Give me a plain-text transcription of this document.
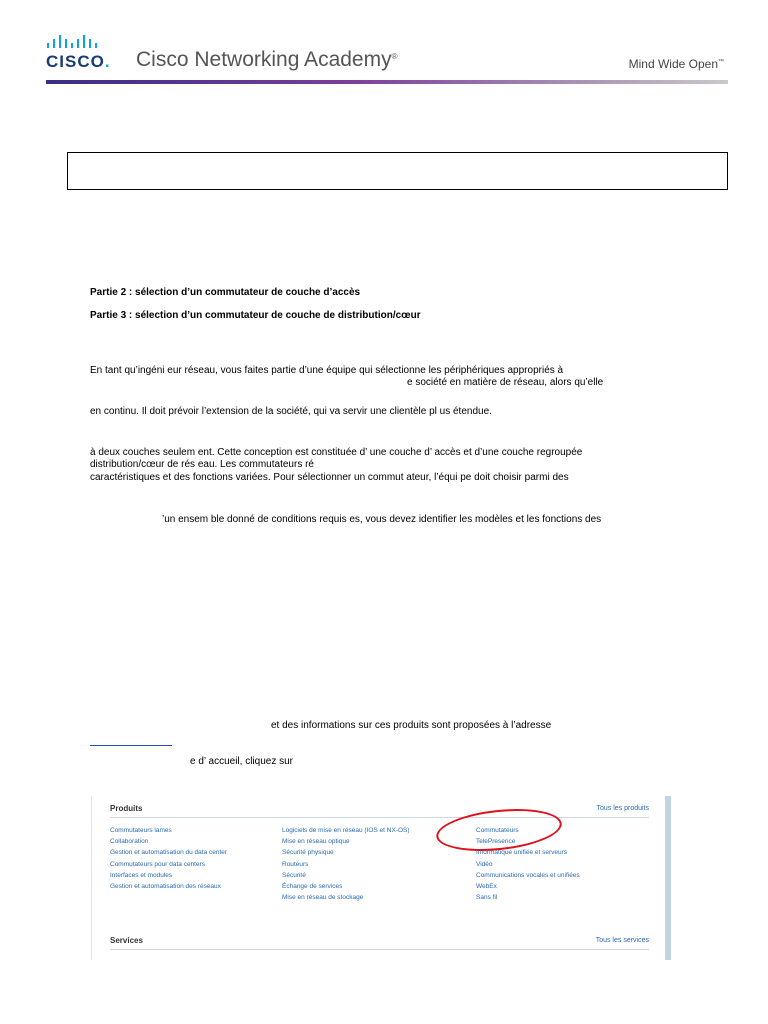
CISCO. Cisco Networking Academy®
Mind Wide Open™
Partie 2 : sélection d’un commutateur de couche d’accès
Partie 3 : sélection d’un commutateur de couche de distribution/cœur
En tant qu’ingéni eur réseau, vous faites partie d’une équipe qui sélectionne les périphériques appropriés à
e société en matière de réseau, alors qu’elle
en continu. Il doit prévoir l’extension de la société, qui va servir une clientèle pl us étendue.
à deux couches seulem ent. Cette conception est constituée d’ une couche d’ accès et d’une couche regroupée
distribution/cœur de rés eau. Les commutateurs ré
caractéristiques et des fonctions variées. Pour sélectionner un commut ateur, l’équi pe doit choisir parmi des
’un ensem ble donné de conditions requis es, vous devez identifier les modèles et les fonctions des
et des informations sur ces produits sont proposées à l’adresse
e d’ accueil, cliquez sur
Produits	Tous les produits
Commutateurs lames
Collaboration
Gestion et automatisation du data center
Commutateurs pour data centers
Interfaces et modules
Gestion et automatisation des réseaux
Logiciels de mise en réseau (IOS et NX-OS)
Mise en réseau optique
Sécurité physique
Routeurs
Sécurité
Échange de services
Mise en réseau de stockage
Commutateurs
TelePresence
Informatique unifiée et serveurs
Vidéo
Communications vocales et unifiées
WebEx
Sans fil
Services	Tous les services
